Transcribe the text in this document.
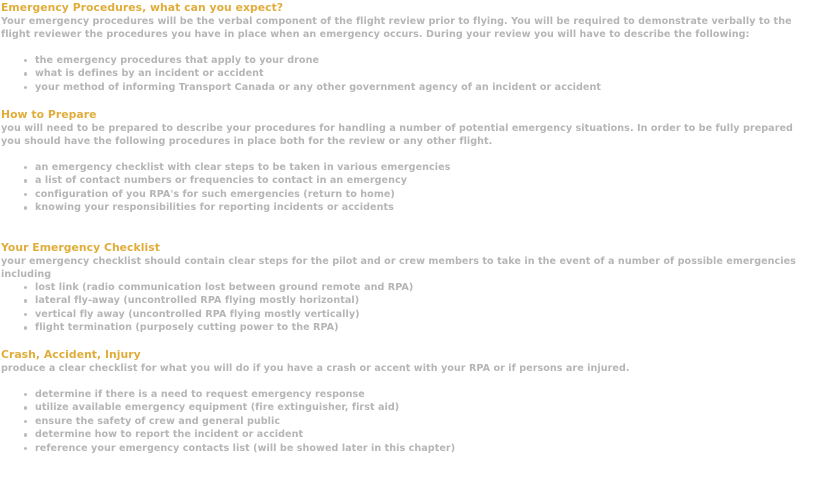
Emergency Procedures, what can you expect?

Your emergency procedures will be the verbal component of the flight review prior to flying. You will be required to demonstrate verbally to the flight reviewer the procedures you have in place when an emergency occurs. During your review you will have to describe the following:

the emergency procedures that apply to your drone
what is defines by an incident or accident
your method of informing Transport Canada or any other government agency of an incident or accident
How to Prepare

you will need to be prepared to describe your procedures for handling a number of potential emergency situations. In order to be fully prepared you should have the following procedures in place both for the review or any other flight.

an emergency checklist with clear steps to be taken in various emergencies
a list of contact numbers or frequencies to contact in an emergency
configuration of you RPA's for such emergencies (return to home)
knowing your responsibilities for reporting incidents or accidents
Your Emergency Checklist

your emergency checklist should contain clear steps for the pilot and or crew members to take in the event of a number of possible emergencies including

lost link (radio communication lost between ground remote and RPA)
lateral fly-away (uncontrolled RPA flying mostly horizontal)
vertical fly away (uncontrolled RPA flying mostly vertically)
flight termination (purposely cutting power to the RPA)
Crash, Accident, Injury

produce a clear checklist for what you will do if you have a crash or accent with your RPA or if persons are injured.

determine if there is a need to request emergency response
utilize available emergency equipment (fire extinguisher, first aid)
ensure the safety of crew and general public
determine how to report the incident or accident
reference your emergency contacts list (will be showed later in this chapter)
